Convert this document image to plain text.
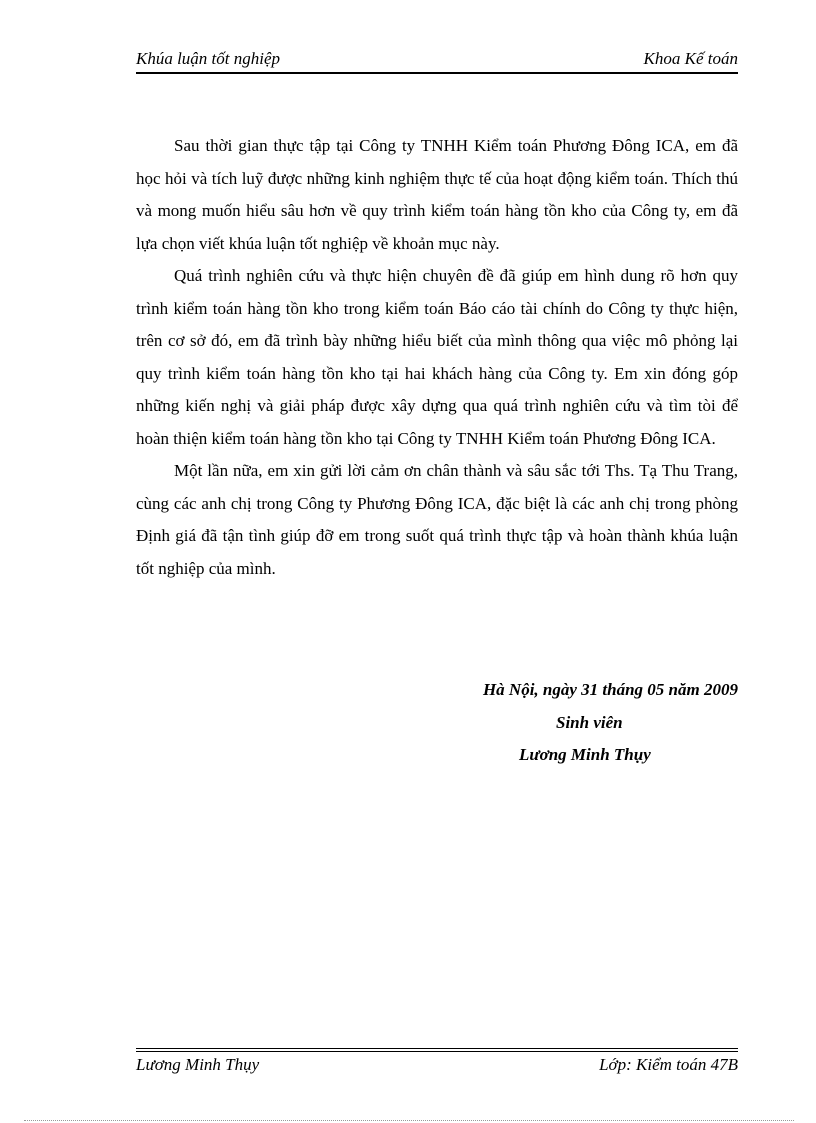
Khúa luận tốt nghiệp	Khoa Kế toán

Sau thời gian thực tập tại Công ty TNHH Kiểm toán Phương Đông ICA, em đã học hỏi và tích luỹ được những kinh nghiệm thực tế của hoạt động kiểm toán. Thích thú và mong muốn hiểu sâu hơn về quy trình kiểm toán hàng tồn kho của Công ty, em đã lựa chọn viết khúa luận tốt nghiệp về khoản mục này.

Quá trình nghiên cứu và thực hiện chuyên đề đã giúp em hình dung rõ hơn quy trình kiểm toán hàng tồn kho trong kiểm toán Báo cáo tài chính do Công ty thực hiện, trên cơ sở đó, em đã trình bày những hiểu biết của mình thông qua việc mô phỏng lại quy trình kiểm toán hàng tồn kho tại hai khách hàng của Công ty. Em xin đóng góp những kiến nghị và giải pháp được xây dựng qua quá trình nghiên cứu và tìm tòi để hoàn thiện kiểm toán hàng tồn kho tại Công ty TNHH Kiểm toán Phương Đông ICA.

Một lần nữa, em xin gửi lời cảm ơn chân thành và sâu sắc tới Ths. Tạ Thu Trang, cùng các anh chị trong Công ty Phương Đông ICA, đặc biệt là các anh chị trong phòng Định giá đã tận tình giúp đỡ em trong suốt quá trình thực tập và hoàn thành khúa luận tốt nghiệp của mình.

Hà Nội, ngày 31 tháng 05 năm 2009
Sinh viên
Lương Minh Thụy
Lương Minh Thụy	Lớp: Kiểm toán 47B
